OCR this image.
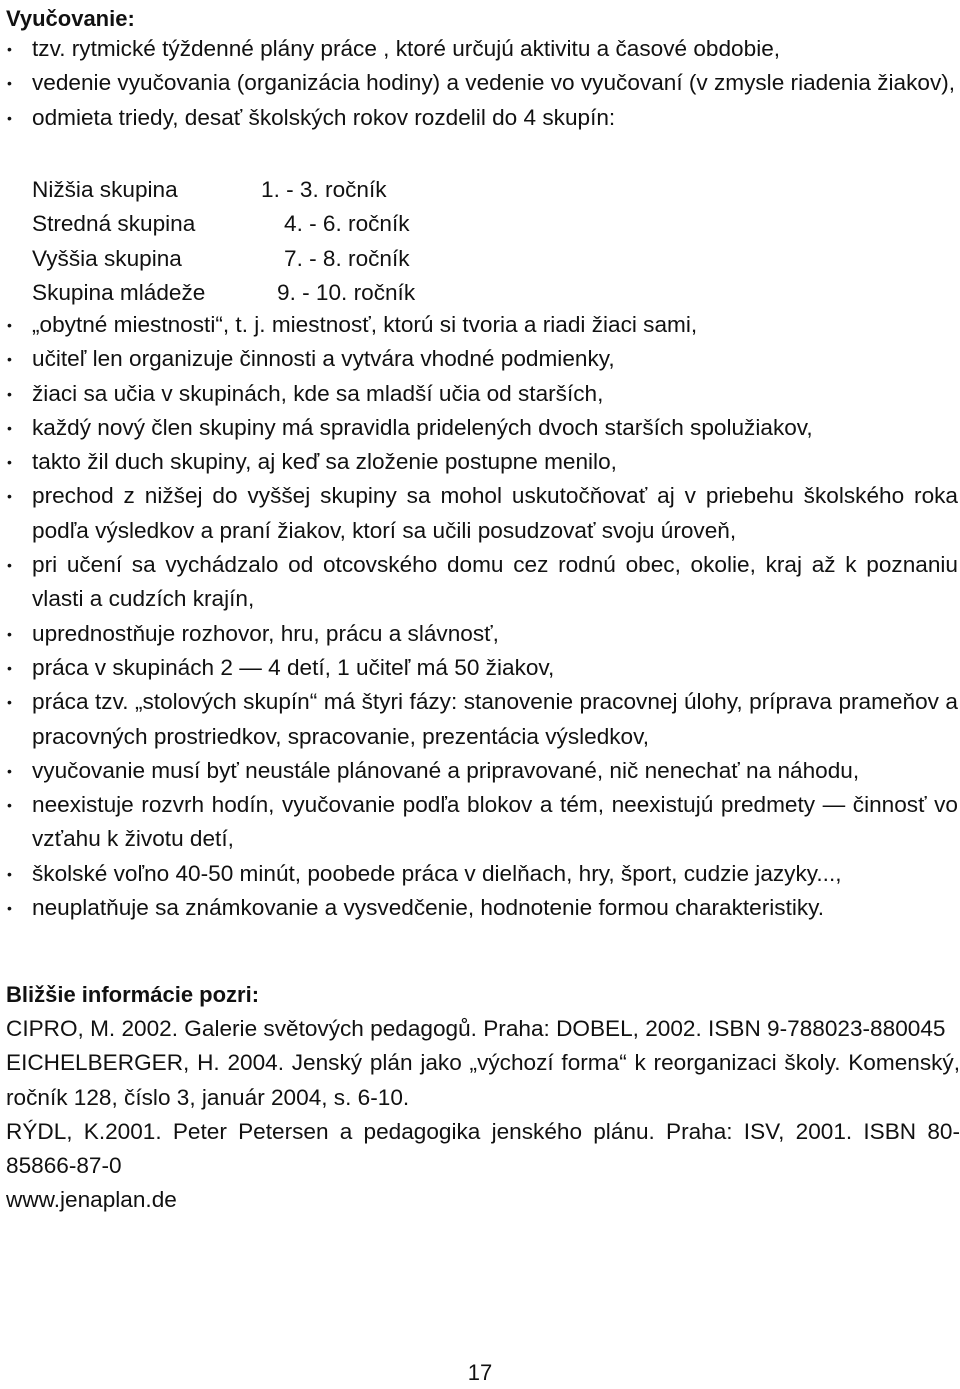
Vyučovanie:
• tzv. rytmické týždenné plány práce , ktoré určujú aktivitu a časové obdobie,
• vedenie vyučovania (organizácia hodiny) a vedenie vo vyučovaní (v zmysle riadenia žiakov),
• odmieta triedy, desať školských rokov rozdelil do 4 skupín:
Nižšia skupina	1. - 3. ročník
Stredná skupina	4. - 6. ročník
Vyššia skupina	7. - 8. ročník
Skupina mládeže	9. - 10. ročník
• „obytné miestnosti“, t. j. miestnosť, ktorú si tvoria a riadi žiaci sami,
• učiteľ len organizuje činnosti a vytvára vhodné podmienky,
• žiaci sa učia v skupinách, kde sa mladší učia od starších,
• každý nový člen skupiny má spravidla pridelených dvoch starších spolužiakov,
• takto žil duch skupiny, aj keď sa zloženie postupne menilo,
• prechod z nižšej do vyššej skupiny sa mohol uskutočňovať aj v priebehu školského roka podľa výsledkov a praní žiakov, ktorí sa učili posudzovať svoju úroveň,
• pri učení sa vychádzalo od otcovského domu cez rodnú obec, okolie, kraj až k poznaniu vlasti a cudzích krajín,
• uprednostňuje rozhovor, hru, prácu a slávnosť,
• práca v skupinách 2 — 4 detí, 1 učiteľ má 50 žiakov,
• práca tzv. „stolových skupín“ má štyri fázy: stanovenie pracovnej úlohy, príprava prameňov a pracovných prostriedkov, spracovanie, prezentácia výsledkov,
• vyučovanie musí byť neustále plánované a pripravované, nič nenechať na náhodu,
• neexistuje rozvrh hodín, vyučovanie podľa blokov a tém, neexistujú predmety — činnosť vo vzťahu k životu detí,
• školské voľno 40-50 minút, poobede práca v dielňach, hry, šport, cudzie jazyky...,
• neuplatňuje sa známkovanie a vysvedčenie, hodnotenie formou charakteristiky.
Bližšie informácie pozri:
CIPRO, M. 2002. Galerie světových pedagogů. Praha: DOBEL, 2002. ISBN 9-788023-880045
EICHELBERGER, H. 2004. Jenský plán jako „výchozí forma“ k reorganizaci školy. Komenský, ročník 128, číslo 3, január 2004, s. 6-10.
RÝDL, K.2001. Peter Petersen a pedagogika jenského plánu. Praha: ISV, 2001. ISBN 80-85866-87-0
www.jenaplan.de
17
